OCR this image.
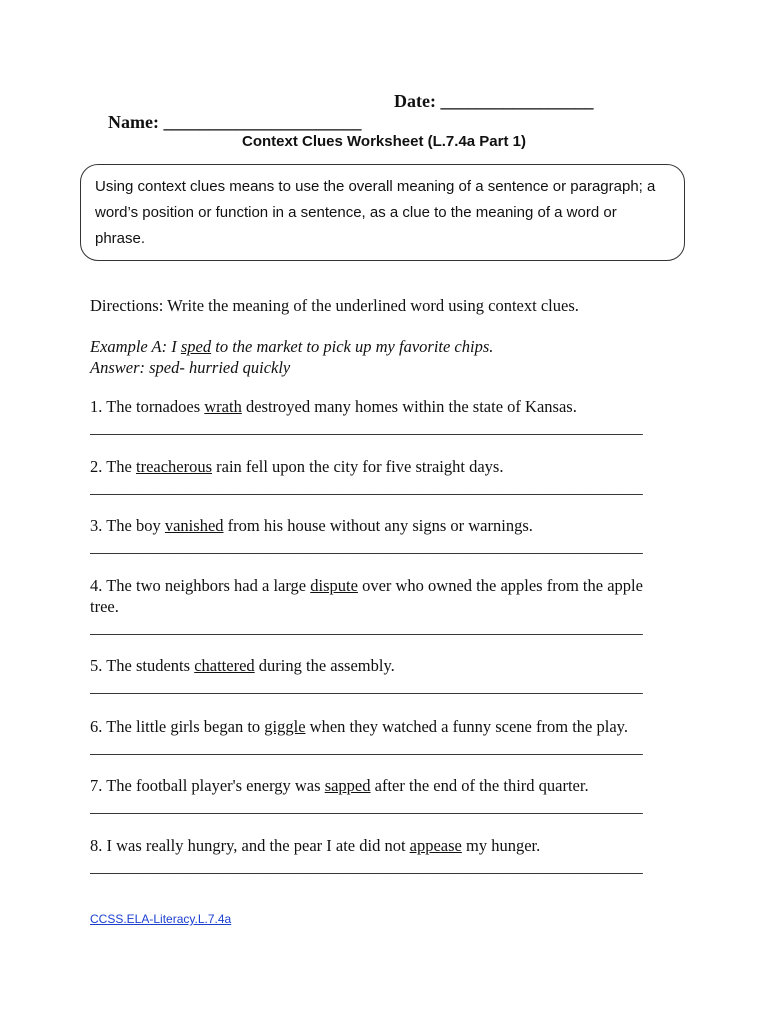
Name: ______________________

Date: _________________

Context Clues Worksheet (L.7.4a Part 1)
Using context clues means to use the overall meaning of a sentence or paragraph; a word’s position or function in a sentence, as a clue to the meaning of a word or phrase.
Directions: Write the meaning of the underlined word using context clues.
Example A: I sped to the market to pick up my favorite chips.
Answer: sped- hurried quickly
1. The tornadoes wrath destroyed many homes within the state of Kansas.
___________________________________________________________________
2. The treacherous rain fell upon the city for five straight days.
___________________________________________________________________
3. The boy vanished from his house without any signs or warnings.
___________________________________________________________________
4. The two neighbors had a large dispute over who owned the apples from the apple tree.
___________________________________________________________________
5. The students chattered during the assembly.
___________________________________________________________________
6. The little girls began to giggle when they watched a funny scene from the play.
___________________________________________________________________
7. The football player's energy was sapped after the end of the third quarter.
___________________________________________________________________
8. I was really hungry, and the pear I ate did not appease my hunger.
___________________________________________________________________
CCSS.ELA-Literacy.L.7.4a
